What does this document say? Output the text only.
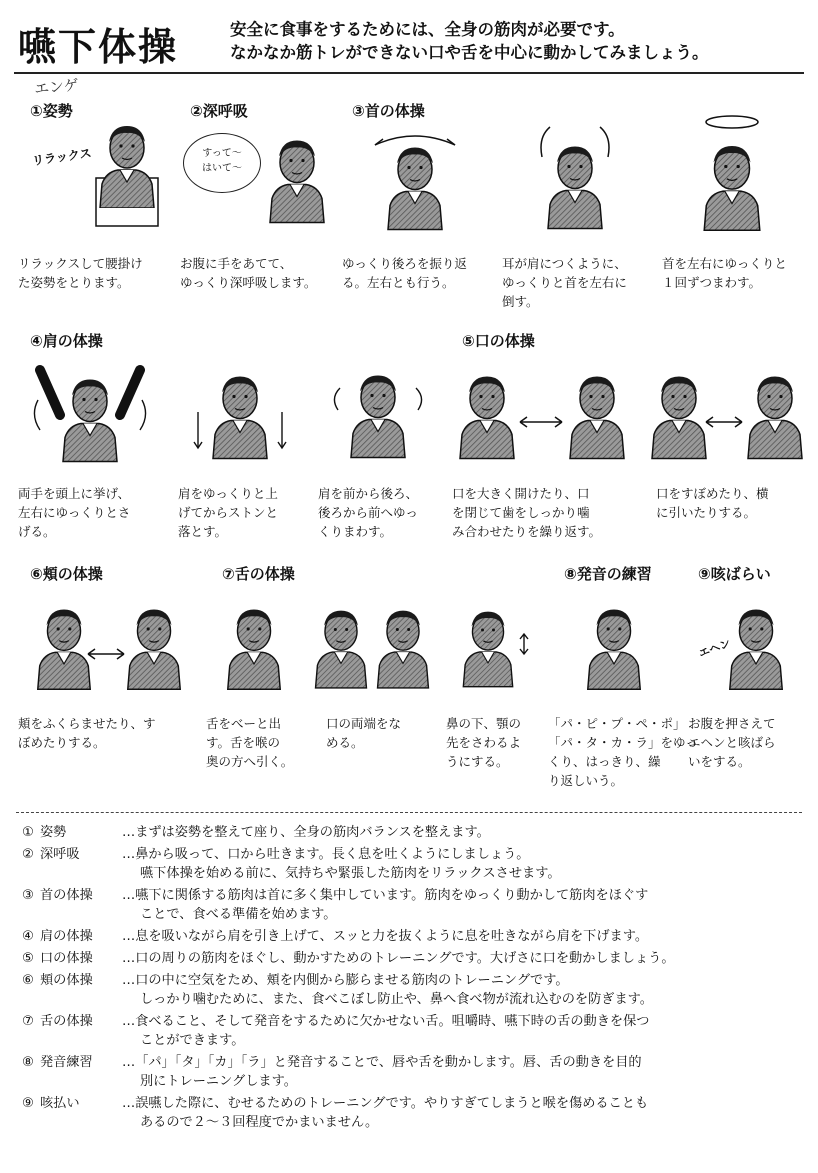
嚥下体操	安全に食事をするためには、全身の筋肉が必要です。
なかなか筋トレができない口や舌を中心に動かしてみましょう。
エンゲ
①姿勢	②深呼吸	③首の体操
リラックス	すって〜
はいて〜
リラックスして腰掛け
た姿勢をとります。
お腹に手をあてて、
ゆっくり深呼吸します。
ゆっくり後ろを振り返
る。左右とも行う。
耳が肩につくように、
ゆっくりと首を左右に
倒す。
首を左右にゆっくりと
１回ずつまわす。
④肩の体操	⑤口の体操
両手を頭上に挙げ、
左右にゆっくりとさ
げる。
肩をゆっくりと上
げてからストンと
落とす。
肩を前から後ろ、
後ろから前へゆっ
くりまわす。
口を大きく開けたり、口
を閉じて歯をしっかり噛
み合わせたりを繰り返す。
口をすぼめたり、横
に引いたりする。
⑥頬の体操	⑦舌の体操	⑧発音の練習	⑨咳ばらい
エヘン
頬をふくらませたり、す
ぼめたりする。
舌をべーと出
す。舌を喉の
奥の方へ引く。
口の両端をな
める。
鼻の下、顎の
先をさわるよ
うにする。
「パ・ピ・プ・ペ・ポ」
「パ・タ・カ・ラ」をゆっ
くり、はっきり、繰
り返しいう。
お腹を押さえて
エヘンと咳ばら
いをする。
① 姿勢	…まずは姿勢を整えて座り、全身の筋肉バランスを整えます。
② 深呼吸	…鼻から吸って、口から吐きます。長く息を吐くようにしましょう。
嚥下体操を始める前に、気持ちや緊張した筋肉をリラックスさせます。
③ 首の体操	…嚥下に関係する筋肉は首に多く集中しています。筋肉をゆっくり動かして筋肉をほぐす
ことで、食べる準備を始めます。
④ 肩の体操	…息を吸いながら肩を引き上げて、スッと力を抜くように息を吐きながら肩を下げます。
⑤ 口の体操	…口の周りの筋肉をほぐし、動かすためのトレーニングです。大げさに口を動かしましょう。
⑥ 頬の体操	…口の中に空気をため、頬を内側から膨らませる筋肉のトレーニングです。
しっかり噛むために、また、食べこぼし防止や、鼻へ食べ物が流れ込むのを防ぎます。
⑦ 舌の体操	…食べること、そして発音をするために欠かせない舌。咀嚼時、嚥下時の舌の動きを保つ
ことができます。
⑧ 発音練習	…「パ」「タ」「カ」「ラ」と発音することで、唇や舌を動かします。唇、舌の動きを目的
別にトレーニングします。
⑨ 咳払い	…誤嚥した際に、むせるためのトレーニングです。やりすぎてしまうと喉を傷めることも
あるので２～３回程度でかまいません。
